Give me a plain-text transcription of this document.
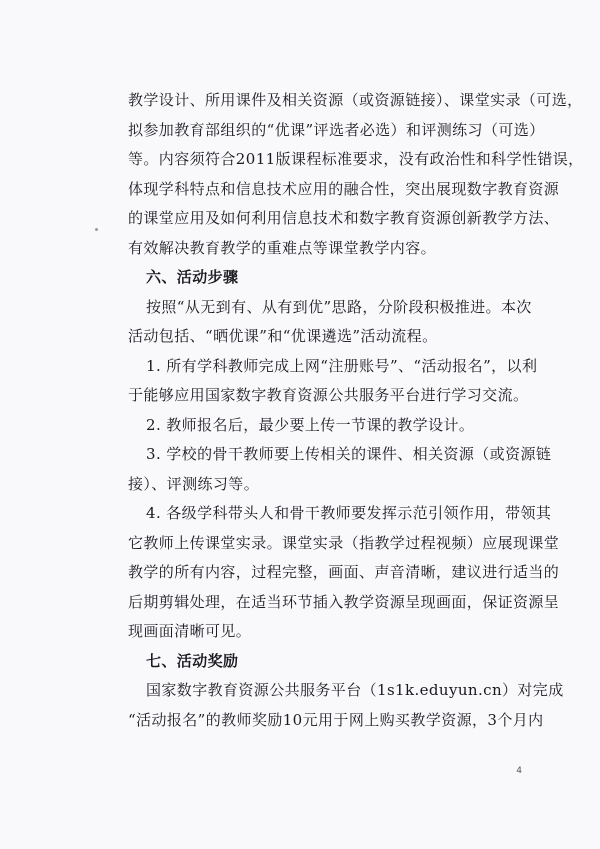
教学设计、所用课件及相关资源（或资源链接）、课堂实录（可选，
拟参加教育部组织的“优课”评选者必选）和评测练习（可选）
等。内容须符合2011版课程标准要求，没有政治性和科学性错误，
体现学科特点和信息技术应用的融合性，突出展现数字教育资源
的课堂应用及如何利用信息技术和数字教育资源创新教学方法、
有效解决教育教学的重难点等课堂教学内容。
六、活动步骤
按照“从无到有、从有到优”思路，分阶段积极推进。本次
活动包括、“晒优课”和“优课遴选”活动流程。
1. 所有学科教师完成上网“注册账号”、“活动报名”，以利
于能够应用国家数字教育资源公共服务平台进行学习交流。
2. 教师报名后，最少要上传一节课的教学设计。
3. 学校的骨干教师要上传相关的课件、相关资源（或资源链
接）、评测练习等。
4. 各级学科带头人和骨干教师要发挥示范引领作用，带领其
它教师上传课堂实录。课堂实录（指教学过程视频）应展现课堂
教学的所有内容，过程完整，画面、声音清晰，建议进行适当的
后期剪辑处理，在适当环节插入教学资源呈现画面，保证资源呈
现画面清晰可见。
七、活动奖励
国家数字教育资源公共服务平台（1s1k.eduyun.cn）对完成
“活动报名”的教师奖励10元用于网上购买教学资源，3个月内
4
